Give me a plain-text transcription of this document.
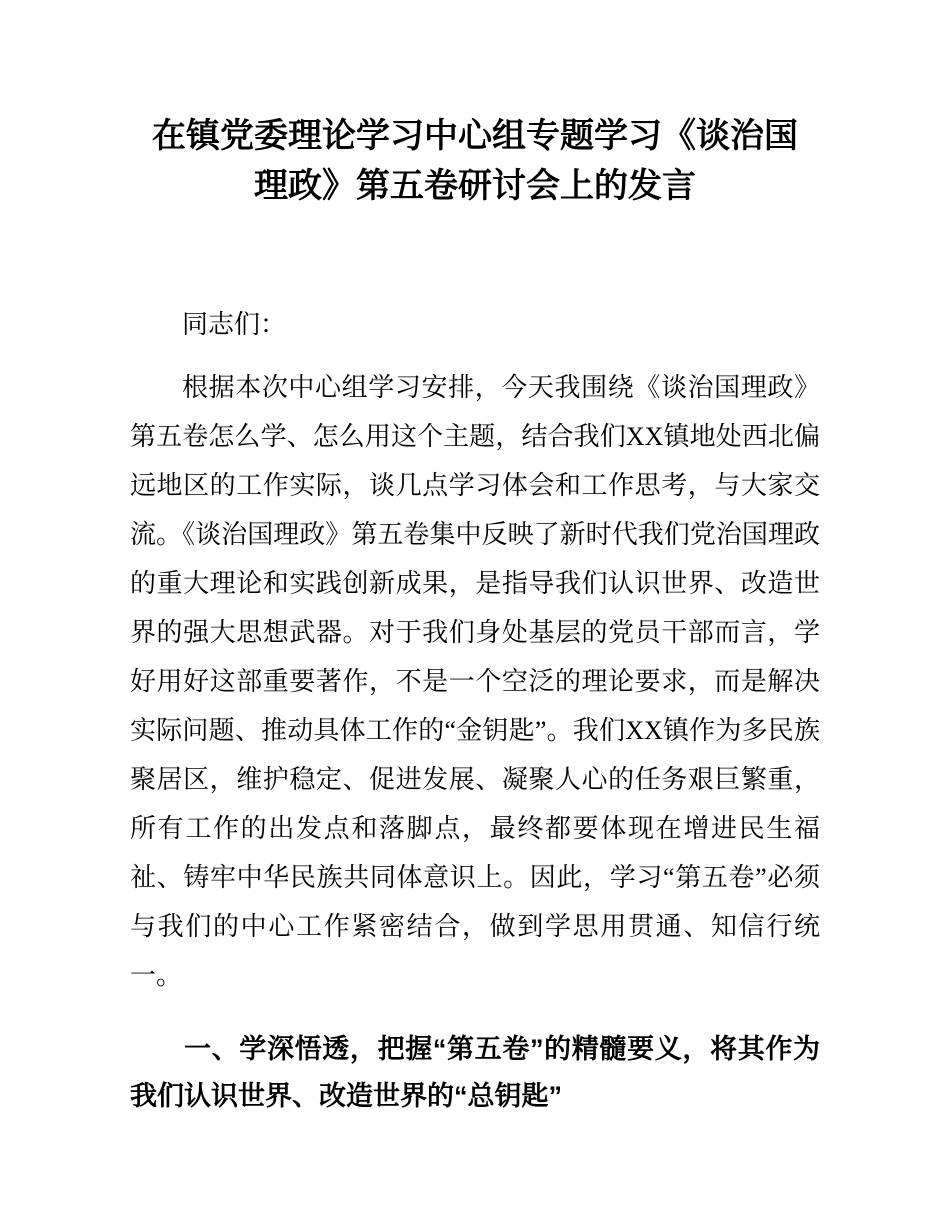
在镇党委理论学习中心组专题学习《谈治国
理政》第五卷研讨会上的发言

同志们：

根据本次中心组学习安排，今天我围绕《谈治国理政》第五卷怎么学、怎么用这个主题，结合我们XX镇地处西北偏远地区的工作实际，谈几点学习体会和工作思考，与大家交流。《谈治国理政》第五卷集中反映了新时代我们党治国理政的重大理论和实践创新成果，是指导我们认识世界、改造世界的强大思想武器。对于我们身处基层的党员干部而言，学好用好这部重要著作，不是一个空泛的理论要求，而是解决实际问题、推动具体工作的“金钥匙”。我们XX镇作为多民族聚居区，维护稳定、促进发展、凝聚人心的任务艰巨繁重，所有工作的出发点和落脚点，最终都要体现在增进民生福祉、铸牢中华民族共同体意识上。因此，学习“第五卷”必须与我们的中心工作紧密结合，做到学思用贯通、知信行统一。

一、学深悟透，把握“第五卷”的精髓要义，将其作为我们认识世界、改造世界的“总钥匙”
